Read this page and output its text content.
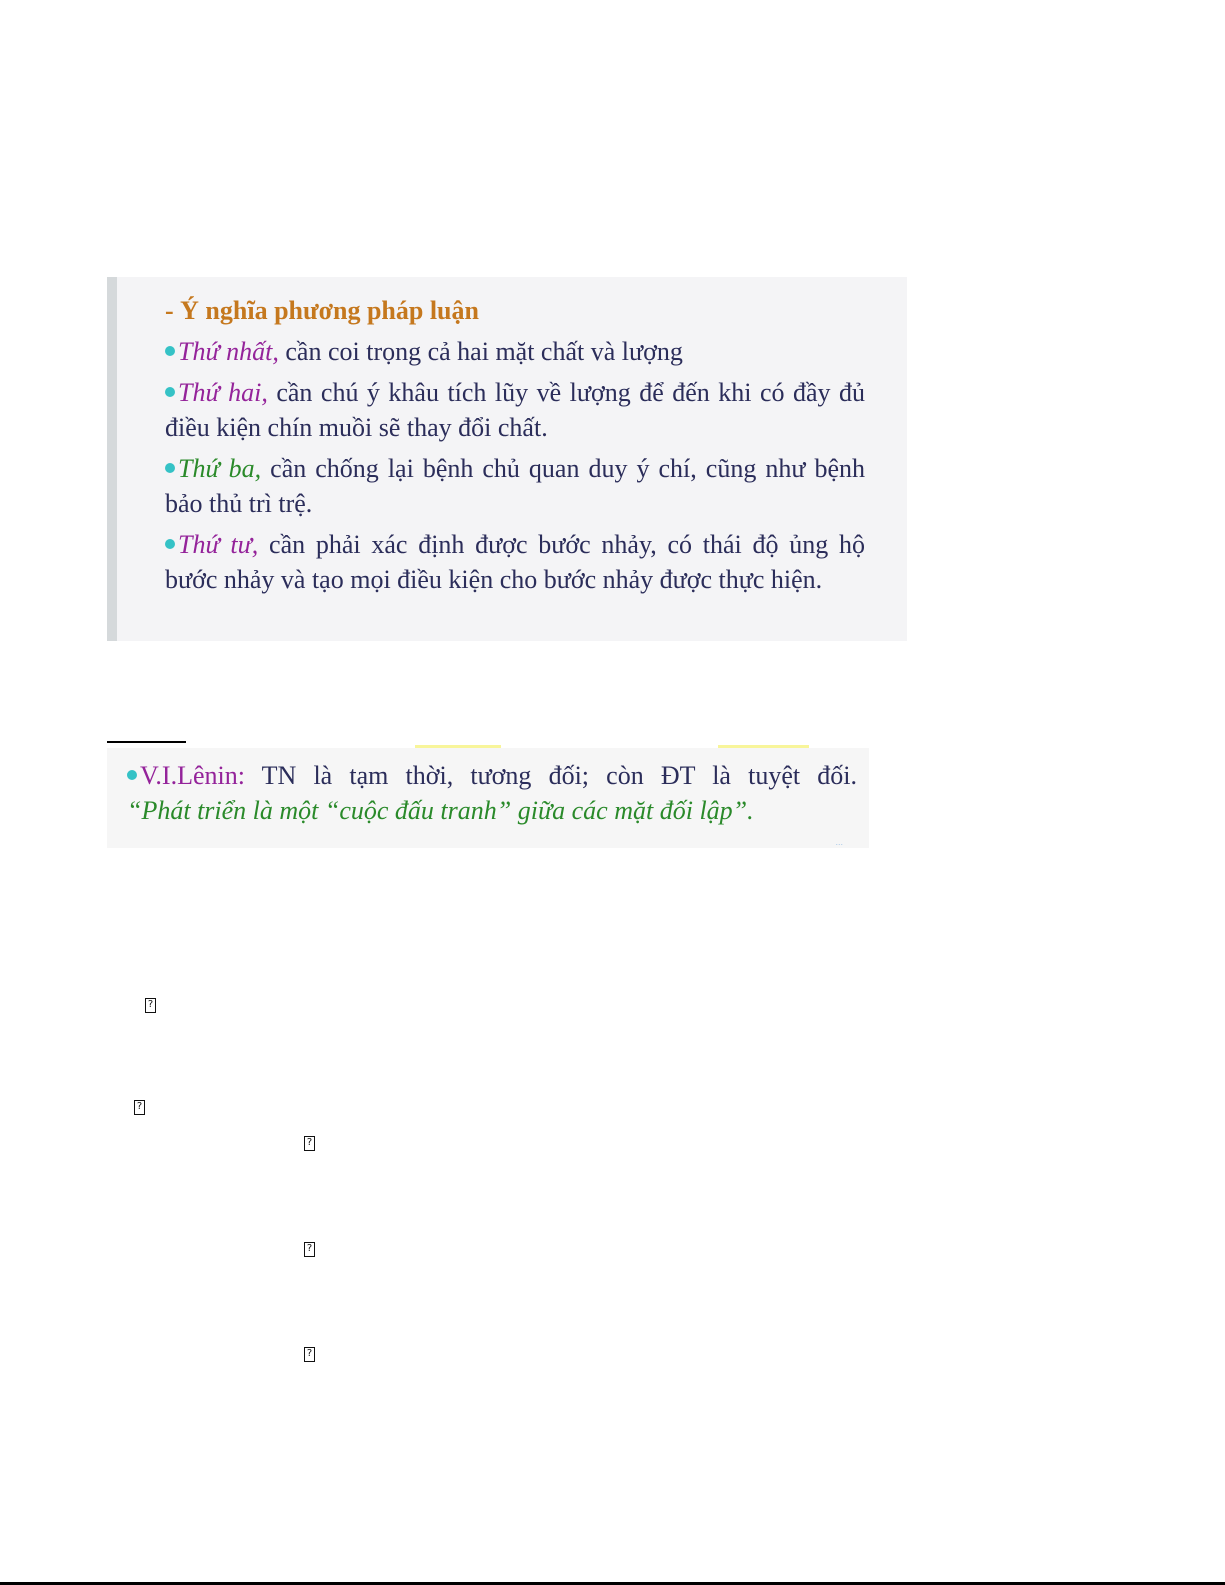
- Ý nghĩa phương pháp luận
Thứ nhất, cần coi trọng cả hai mặt chất và lượng
Thứ hai, cần chú ý khâu tích lũy về lượng để đến khi có đầy đủ điều kiện chín muồi sẽ thay đổi chất.
Thứ ba, cần chống lại bệnh chủ quan duy ý chí, cũng như bệnh bảo thủ trì trệ.
Thứ tư, cần phải xác định được bước nhảy, có thái độ ủng hộ bước nhảy và tạo mọi điều kiện cho bước nhảy được thực hiện.
V.I.Lênin: TN là tạm thời, tương đối; còn ĐT là tuyệt đối.
“Phát triển là một “cuộc đấu tranh” giữa các mặt đối lập”.
...
?
?
?
?
?
